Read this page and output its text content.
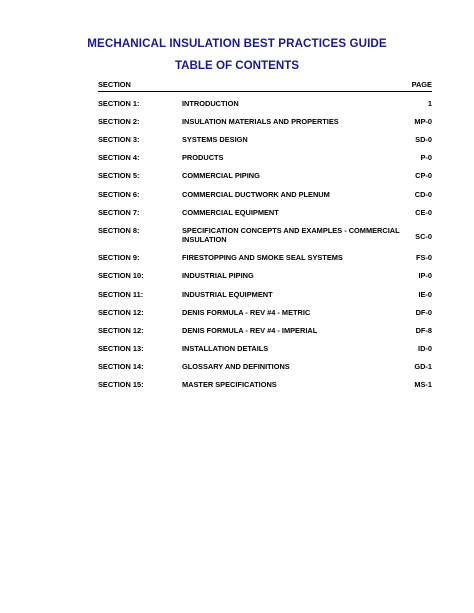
MECHANICAL INSULATION BEST PRACTICES GUIDE
TABLE OF CONTENTS
SECTION	PAGE
SECTION 1:	INTRODUCTION	1
SECTION 2:	INSULATION MATERIALS AND PROPERTIES	MP-0
SECTION 3:	SYSTEMS DESIGN	SD-0
SECTION 4:	PRODUCTS	P-0
SECTION 5:	COMMERCIAL PIPING	CP-0
SECTION 6:	COMMERCIAL DUCTWORK AND PLENUM	CD-0
SECTION 7:	COMMERCIAL EQUIPMENT	CE-0
SECTION 8:	SPECIFICATION CONCEPTS AND EXAMPLES - COMMERCIAL INSULATION	SC-0
SECTION 9:	FIRESTOPPING AND SMOKE SEAL SYSTEMS	FS-0
SECTION 10:	INDUSTRIAL PIPING	IP-0
SECTION 11:	INDUSTRIAL EQUIPMENT	IE-0
SECTION 12:	DENIS FORMULA - REV #4 - METRIC	DF-0
SECTION 12:	DENIS FORMULA - REV #4 - IMPERIAL	DF-8
SECTION 13:	INSTALLATION DETAILS	ID-0
SECTION 14:	GLOSSARY AND DEFINITIONS	GD-1
SECTION 15:	MASTER SPECIFICATIONS	MS-1
